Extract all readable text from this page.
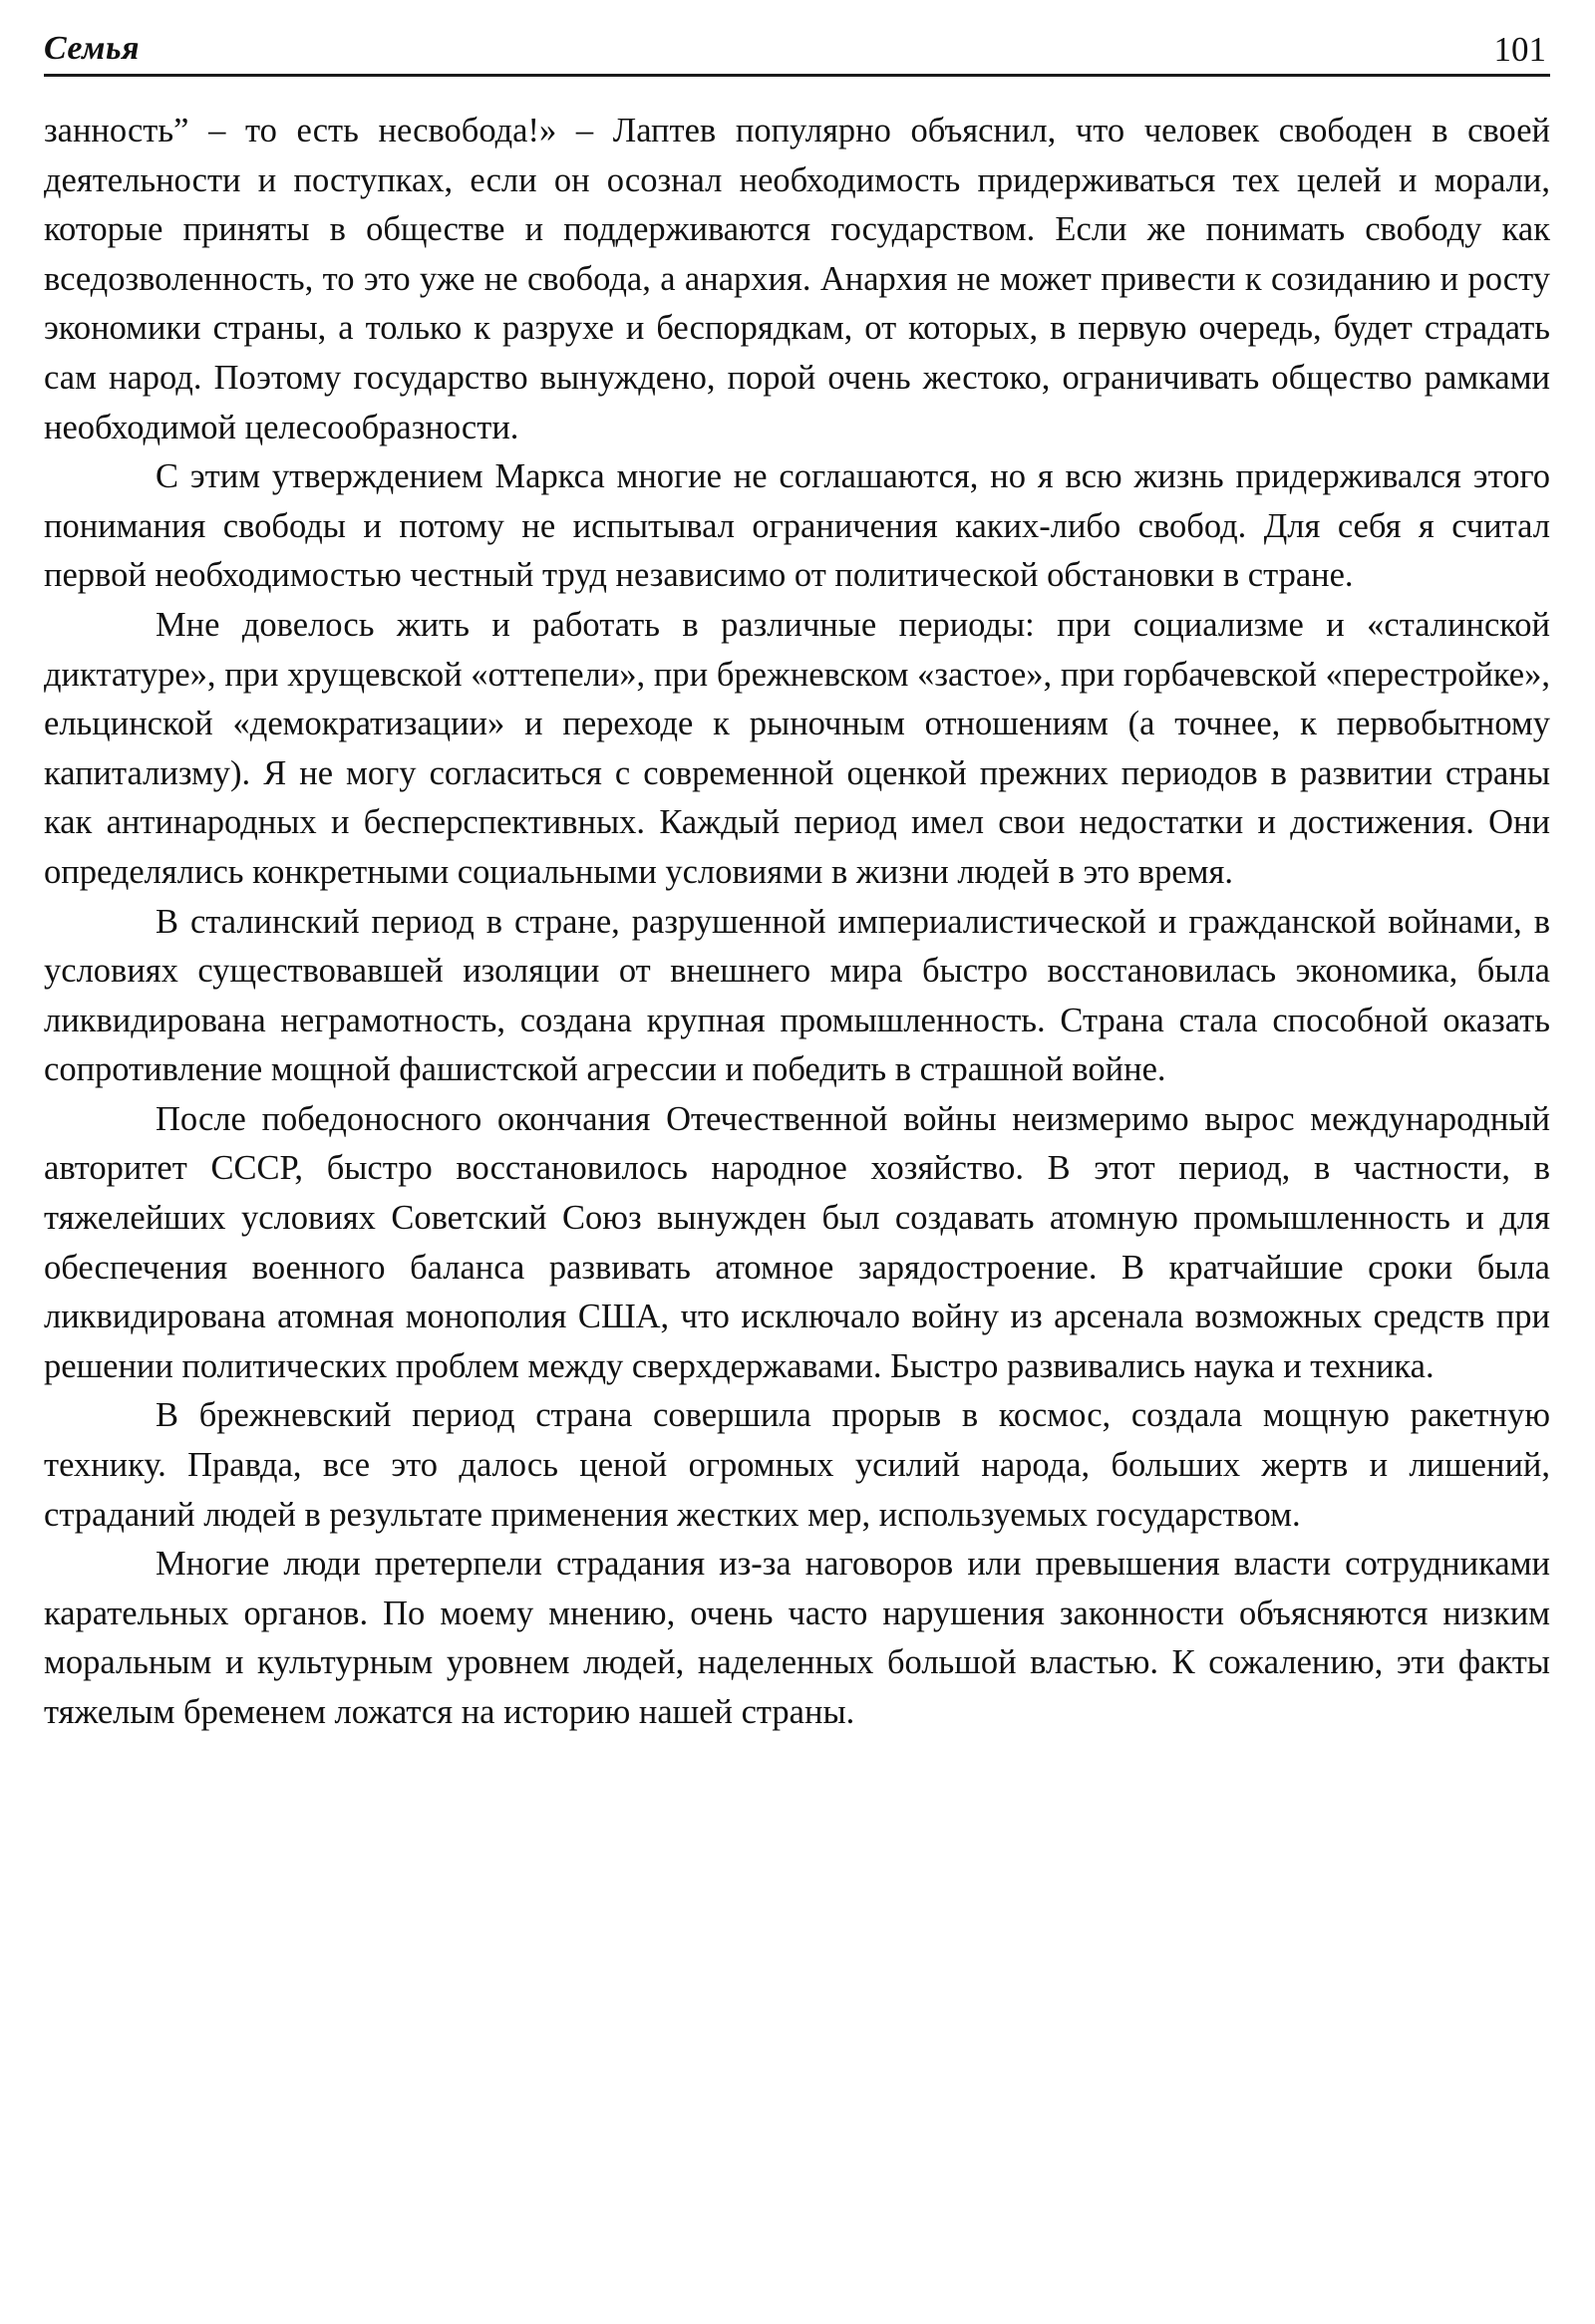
Семья	101

занность” – то есть несвобода!» – Лаптев популярно объяснил, что человек свободен в своей деятельности и поступках, если он осознал необходимость придерживаться тех целей и морали, которые приняты в обществе и поддерживаются государством. Если же понимать свободу как вседозволенность, то это уже не свобода, а анархия. Анархия не может привести к созиданию и росту экономики страны, а только к разрухе и беспорядкам, от которых, в первую очередь, будет страдать сам народ. Поэтому государство вынуждено, порой очень жестоко, ограничивать общество рамками необходимой целесообразности.

С этим утверждением Маркса многие не соглашаются, но я всю жизнь придерживался этого понимания свободы и потому не испытывал ограничения каких-либо свобод. Для себя я считал первой необходимостью честный труд независимо от политической обстановки в стране.

Мне довелось жить и работать в различные периоды: при социализме и «сталинской диктатуре», при хрущевской «оттепели», при брежневском «застое», при горбачевской «перестройке», ельцинской «демократизации» и переходе к рыночным отношениям (а точнее, к первобытному капитализму). Я не могу согласиться с современной оценкой прежних периодов в развитии страны как антинародных и бесперспективных. Каждый период имел свои недостатки и достижения. Они определялись конкретными социальными условиями в жизни людей в это время.

В сталинский период в стране, разрушенной империалистической и гражданской войнами, в условиях существовавшей изоляции от внешнего мира быстро восстановилась экономика, была ликвидирована неграмотность, создана крупная промышленность. Страна стала способной оказать сопротивление мощной фашистской агрессии и победить в страшной войне.

После победоносного окончания Отечественной войны неизмеримо вырос международный авторитет СССР, быстро восстановилось народное хозяйство. В этот период, в частности, в тяжелейших условиях Советский Союз вынужден был создавать атомную промышленность и для обеспечения военного баланса развивать атомное зарядостроение. В кратчайшие сроки была ликвидирована атомная монополия США, что исключало войну из арсенала возможных средств при решении политических проблем между сверхдержавами. Быстро развивались наука и техника.

В брежневский период страна совершила прорыв в космос, создала мощную ракетную технику. Правда, все это далось ценой огромных усилий народа, больших жертв и лишений, страданий людей в результате применения жестких мер, используемых государством.

Многие люди претерпели страдания из-за наговоров или превышения власти сотрудниками карательных органов. По моему мнению, очень часто нарушения законности объясняются низким моральным и культурным уровнем людей, наделенных большой властью. К сожалению, эти факты тяжелым бременем ложатся на историю нашей страны.
